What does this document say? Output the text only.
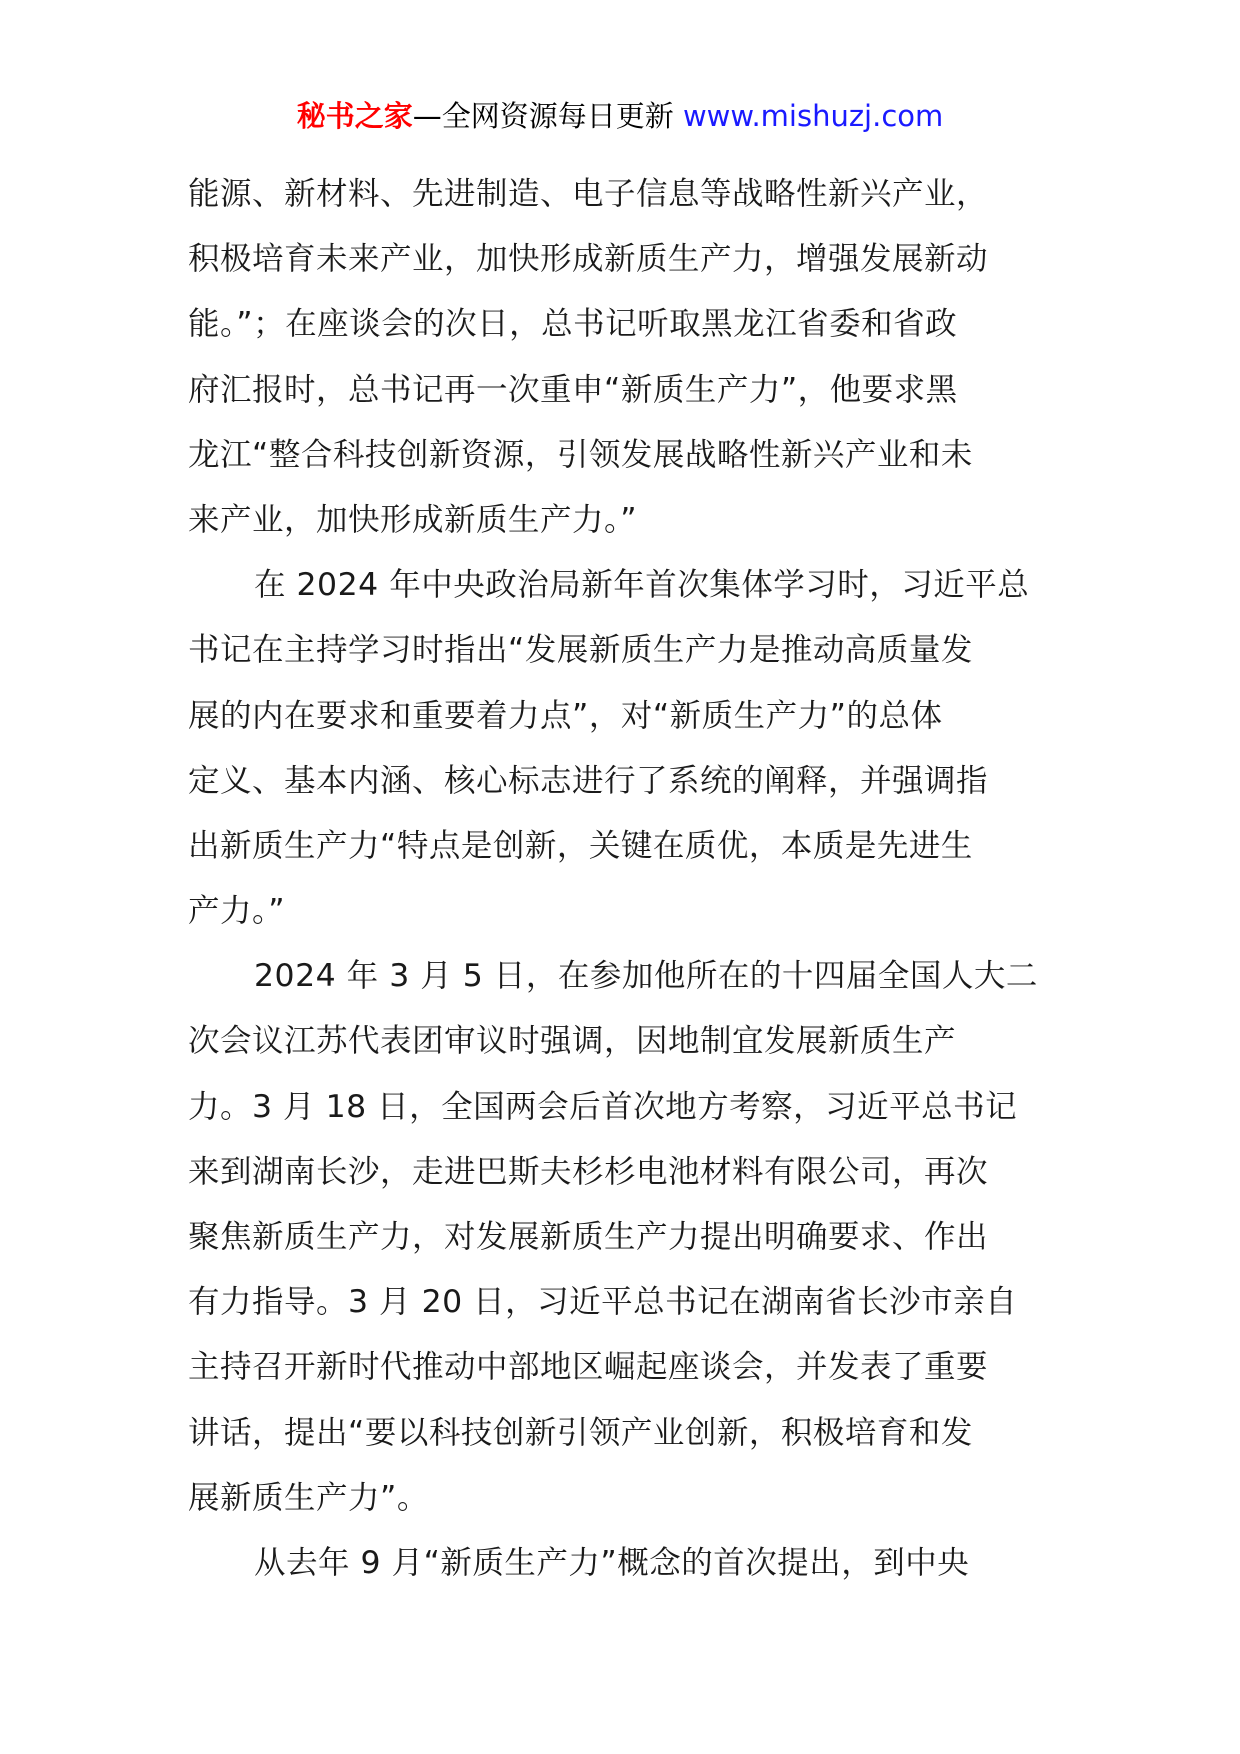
秘书之家—全网资源每日更新 www.mishuzj.com
能源、新材料、先进制造、电子信息等战略性新兴产业，
积极培育未来产业，加快形成新质生产力，增强发展新动
能。”；在座谈会的次日，总书记听取黑龙江省委和省政
府汇报时，总书记再一次重申“新质生产力”，他要求黑
龙江“整合科技创新资源，引领发展战略性新兴产业和未
来产业，加快形成新质生产力。”
在 2024 年中央政治局新年首次集体学习时，习近平总
书记在主持学习时指出“发展新质生产力是推动高质量发
展的内在要求和重要着力点”，对“新质生产力”的总体
定义、基本内涵、核心标志进行了系统的阐释，并强调指
出新质生产力“特点是创新，关键在质优，本质是先进生
产力。”
2024 年 3 月 5 日，在参加他所在的十四届全国人大二
次会议江苏代表团审议时强调，因地制宜发展新质生产
力。3 月 18 日，全国两会后首次地方考察，习近平总书记
来到湖南长沙，走进巴斯夫杉杉电池材料有限公司，再次
聚焦新质生产力，对发展新质生产力提出明确要求、作出
有力指导。3 月 20 日，习近平总书记在湖南省长沙市亲自
主持召开新时代推动中部地区崛起座谈会，并发表了重要
讲话，提出“要以科技创新引领产业创新，积极培育和发
展新质生产力”。
从去年 9 月“新质生产力”概念的首次提出，到中央
